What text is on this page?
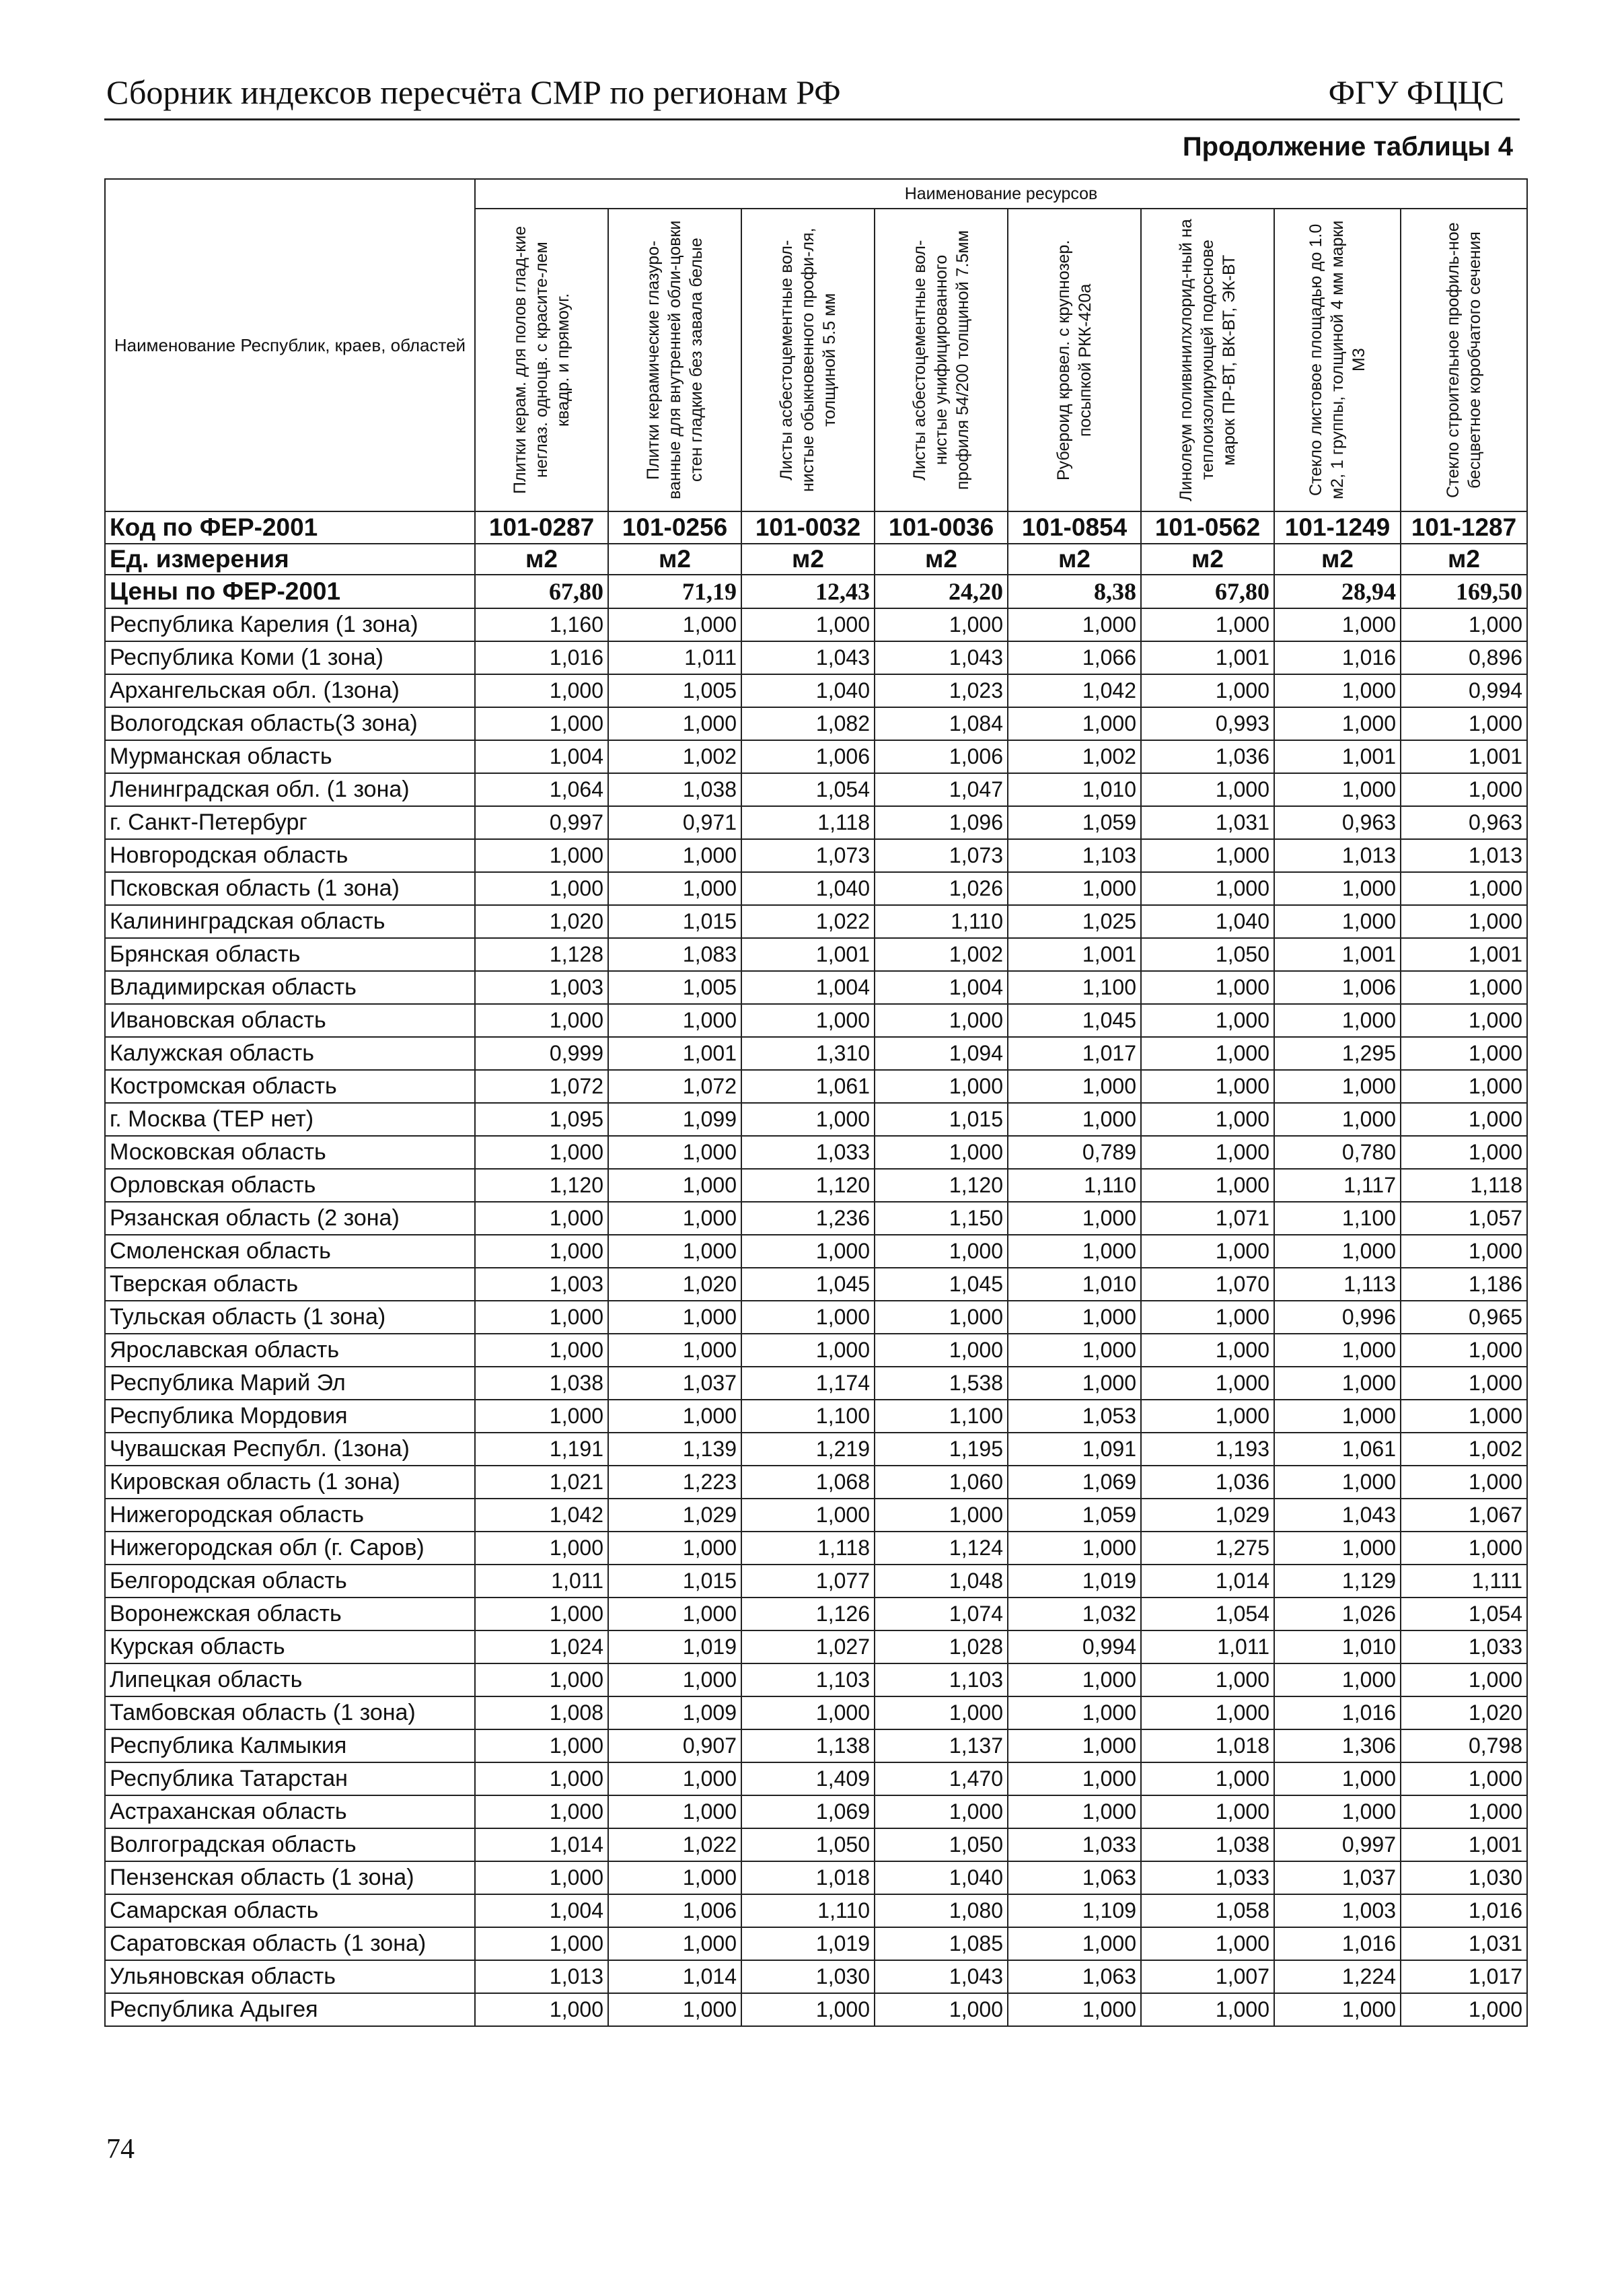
Сборник индексов пересчёта СМР по регионам РФ	ФГУ ФЦЦС
Продолжение таблицы 4
Наименование Республик, краев, областей	Наименование ресурсов							

	Плитки керам. для полов глад-кие неглаз. одноцв. с красите-лем квадр. и прямоуг.	Плитки керамические глазуро-ванные для внутренней обли-цовки стен гладкие без завала белые	Листы асбестоцементные вол-нистые обыкновенного профи-ля, толщиной 5.5 мм	Листы асбестоцементные вол-нистые унифицированного профиля 54/200 толщиной 7.5мм	Рубероид кровел. с крупнозер. посыпкой РКК-420а	Линолеум поливинилхлорид-ный на теплоизолирующей подоснове марок ПР-ВТ, ВК-ВТ, ЭК-ВТ	Стекло листовое площадью до 1.0 м2, 1 группы, толщиной 4 мм марки М3	Стекло строительное профиль-ное бесцветное коробчатого сечения

Код по ФЕР-2001	101-0287	101-0256	101-0032	101-0036	101-0854	101-0562	101-1249	101-1287
Ед. измерения	м2	м2	м2	м2	м2	м2	м2	м2
Цены по ФЕР-2001	67,80	71,19	12,43	24,20	8,38	67,80	28,94	169,50
Республика Карелия (1 зона)	1,160	1,000	1,000	1,000	1,000	1,000	1,000	1,000
Республика Коми (1 зона)	1,016	1,011	1,043	1,043	1,066	1,001	1,016	0,896
Архангельская обл. (1зона)	1,000	1,005	1,040	1,023	1,042	1,000	1,000	0,994
Вологодская область(3 зона)	1,000	1,000	1,082	1,084	1,000	0,993	1,000	1,000
Мурманская область	1,004	1,002	1,006	1,006	1,002	1,036	1,001	1,001
Ленинградская обл. (1 зона)	1,064	1,038	1,054	1,047	1,010	1,000	1,000	1,000
г. Санкт-Петербург	0,997	0,971	1,118	1,096	1,059	1,031	0,963	0,963
Новгородская область	1,000	1,000	1,073	1,073	1,103	1,000	1,013	1,013
Псковская область (1 зона)	1,000	1,000	1,040	1,026	1,000	1,000	1,000	1,000
Калининградская область	1,020	1,015	1,022	1,110	1,025	1,040	1,000	1,000
Брянская область	1,128	1,083	1,001	1,002	1,001	1,050	1,001	1,001
Владимирская область	1,003	1,005	1,004	1,004	1,100	1,000	1,006	1,000
Ивановская область	1,000	1,000	1,000	1,000	1,045	1,000	1,000	1,000
Калужская область	0,999	1,001	1,310	1,094	1,017	1,000	1,295	1,000
Костромская область	1,072	1,072	1,061	1,000	1,000	1,000	1,000	1,000
г. Москва (ТЕР нет)	1,095	1,099	1,000	1,015	1,000	1,000	1,000	1,000
Московская область	1,000	1,000	1,033	1,000	0,789	1,000	0,780	1,000
Орловская область	1,120	1,000	1,120	1,120	1,110	1,000	1,117	1,118
Рязанская область (2 зона)	1,000	1,000	1,236	1,150	1,000	1,071	1,100	1,057
Смоленская область	1,000	1,000	1,000	1,000	1,000	1,000	1,000	1,000
Тверская область	1,003	1,020	1,045	1,045	1,010	1,070	1,113	1,186
Тульская область (1 зона)	1,000	1,000	1,000	1,000	1,000	1,000	0,996	0,965
Ярославская область	1,000	1,000	1,000	1,000	1,000	1,000	1,000	1,000
Республика Марий Эл	1,038	1,037	1,174	1,538	1,000	1,000	1,000	1,000
Республика Мордовия	1,000	1,000	1,100	1,100	1,053	1,000	1,000	1,000
Чувашская Республ. (1зона)	1,191	1,139	1,219	1,195	1,091	1,193	1,061	1,002
Кировская область (1 зона)	1,021	1,223	1,068	1,060	1,069	1,036	1,000	1,000
Нижегородская область	1,042	1,029	1,000	1,000	1,059	1,029	1,043	1,067
Нижегородская обл (г. Саров)	1,000	1,000	1,118	1,124	1,000	1,275	1,000	1,000
Белгородская область	1,011	1,015	1,077	1,048	1,019	1,014	1,129	1,111
Воронежская область	1,000	1,000	1,126	1,074	1,032	1,054	1,026	1,054
Курская область	1,024	1,019	1,027	1,028	0,994	1,011	1,010	1,033
Липецкая область	1,000	1,000	1,103	1,103	1,000	1,000	1,000	1,000
Тамбовская область (1 зона)	1,008	1,009	1,000	1,000	1,000	1,000	1,016	1,020
Республика Калмыкия	1,000	0,907	1,138	1,137	1,000	1,018	1,306	0,798
Республика Татарстан	1,000	1,000	1,409	1,470	1,000	1,000	1,000	1,000
Астраханская область	1,000	1,000	1,069	1,000	1,000	1,000	1,000	1,000
Волгоградская область	1,014	1,022	1,050	1,050	1,033	1,038	0,997	1,001
Пензенская область (1 зона)	1,000	1,000	1,018	1,040	1,063	1,033	1,037	1,030
Самарская область	1,004	1,006	1,110	1,080	1,109	1,058	1,003	1,016
Саратовская область (1 зона)	1,000	1,000	1,019	1,085	1,000	1,000	1,016	1,031
Ульяновская область	1,013	1,014	1,030	1,043	1,063	1,007	1,224	1,017
Республика Адыгея	1,000	1,000	1,000	1,000	1,000	1,000	1,000	1,000
74
